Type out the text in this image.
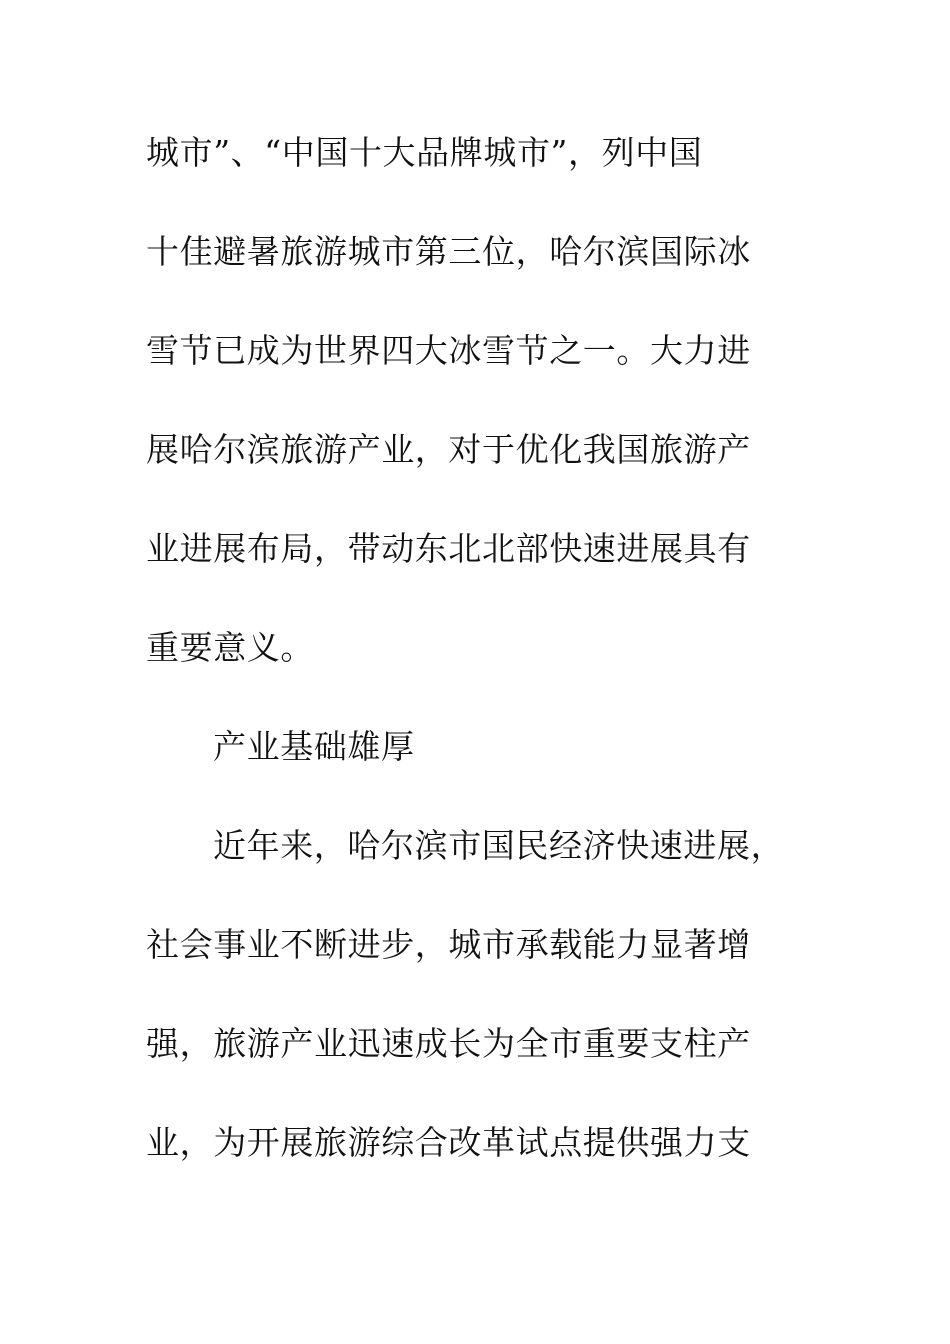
城市”、“中国十大品牌城市”，列中国
十佳避暑旅游城市第三位，哈尔滨国际冰
雪节已成为世界四大冰雪节之一。大力进
展哈尔滨旅游产业，对于优化我国旅游产
业进展布局，带动东北北部快速进展具有
重要意义。
产业基础雄厚
近年来，哈尔滨市国民经济快速进展，
社会事业不断进步，城市承载能力显著增
强，旅游产业迅速成长为全市重要支柱产
业，为开展旅游综合改革试点提供强力支
